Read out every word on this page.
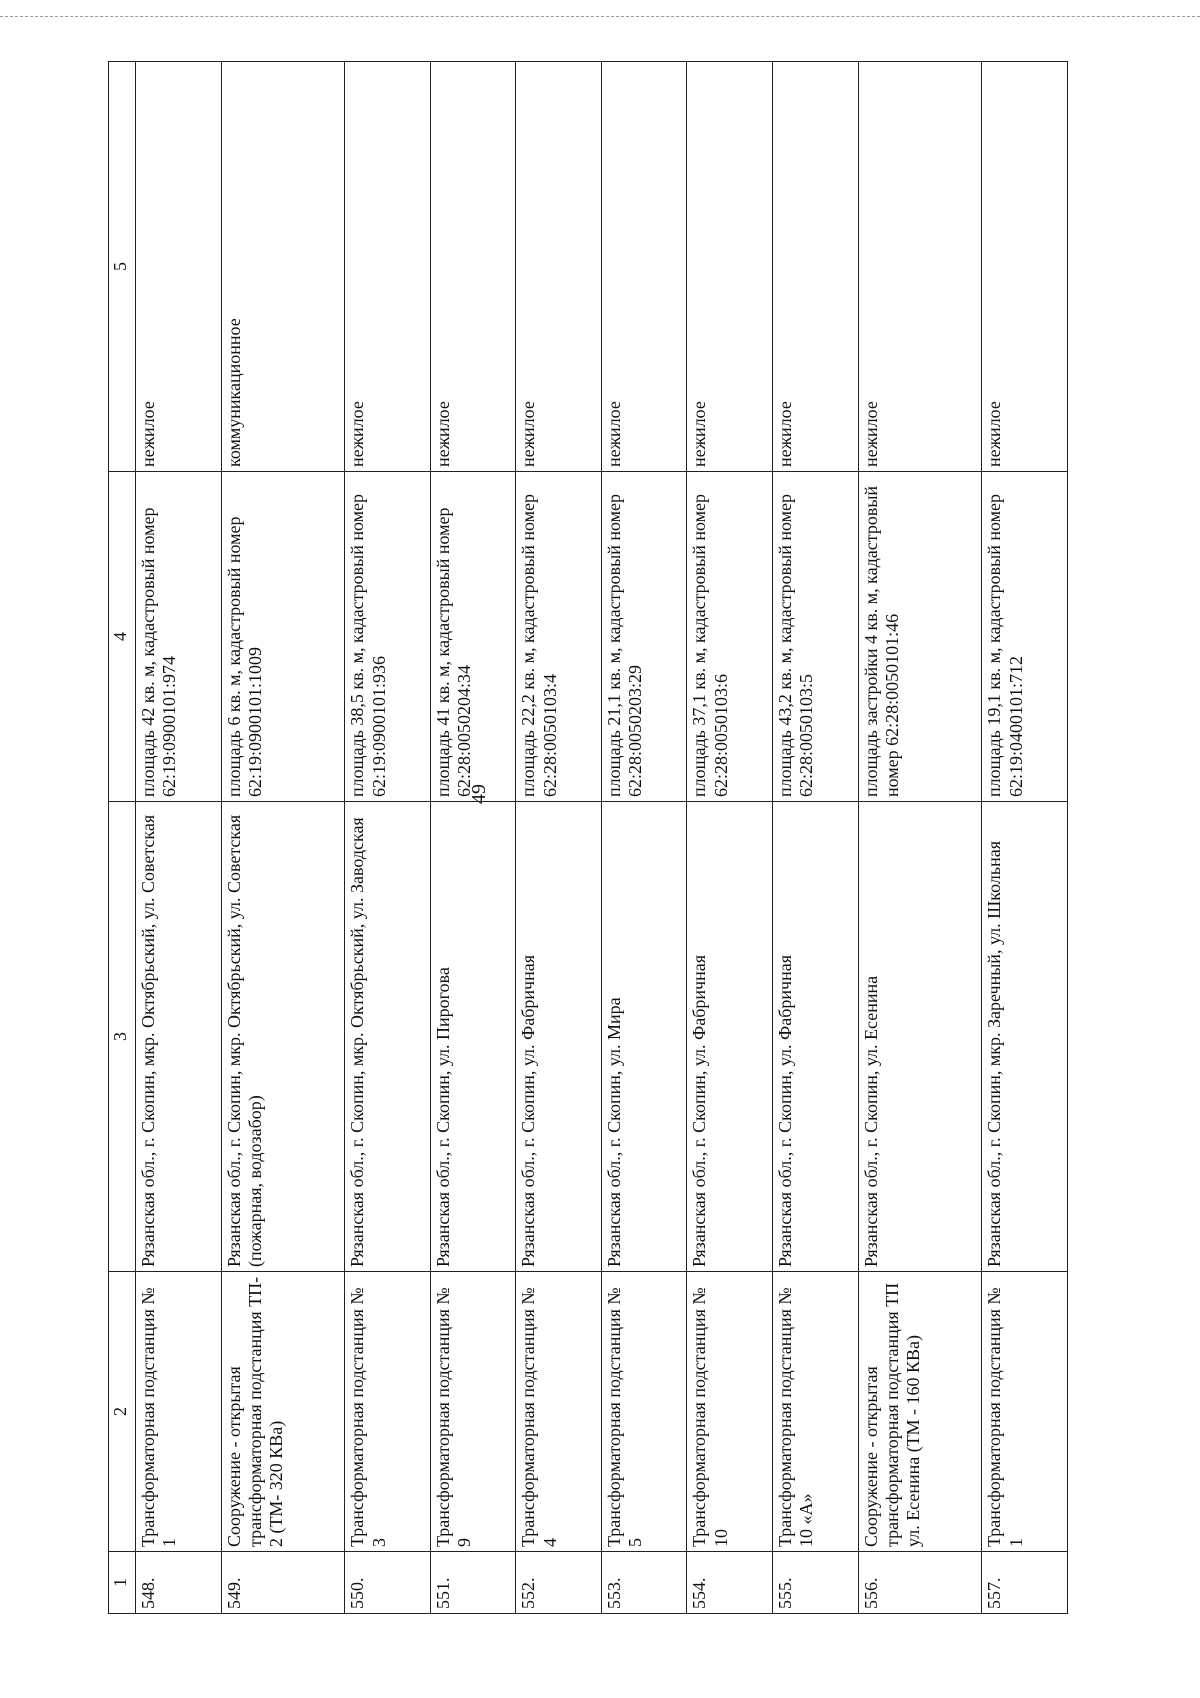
49
1	2	3	4	5
548.	Трансформаторная подстанция № 1	Рязанская обл., г. Скопин, мкр. Октябрьский, ул. Советская	площадь 42 кв. м, кадастровый номер 62:19:0900101:974	нежилое
549.	Сооружение - открытая трансформаторная подстанция ТП- 2 (ТМ- 320 КВа)	Рязанская обл., г. Скопин, мкр. Октябрьский, ул. Советская (пожарная, водозабор)	площадь 6 кв. м, кадастровый номер 62:19:0900101:1009	коммуникационное
550.	Трансформаторная подстанция № 3	Рязанская обл., г. Скопин, мкр. Октябрьский, ул. Заводская	площадь 38,5 кв. м, кадастровый номер 62:19:0900101:936	нежилое
551.	Трансформаторная подстанция № 9	Рязанская обл., г. Скопин, ул. Пирогова	площадь 41 кв. м, кадастровый номер 62:28:0050204:34	нежилое
552.	Трансформаторная подстанция № 4	Рязанская обл., г. Скопин, ул. Фабричная	площадь 22,2 кв. м, кадастровый номер 62:28:0050103:4	нежилое
553.	Трансформаторная подстанция № 5	Рязанская обл., г. Скопин, ул. Мира	площадь 21,1 кв. м, кадастровый номер 62:28:0050203:29	нежилое
554.	Трансформаторная подстанция № 10	Рязанская обл., г. Скопин, ул. Фабричная	площадь 37,1 кв. м, кадастровый номер 62:28:0050103:6	нежилое
555.	Трансформаторная подстанция № 10 «А»	Рязанская обл., г. Скопин, ул. Фабричная	площадь 43,2 кв. м, кадастровый номер 62:28:0050103:5	нежилое
556.	Сооружение - открытая трансформаторная подстанция ТП ул. Есенина (ТМ - 160 КВа)	Рязанская обл., г. Скопин, ул. Есенина	площадь застройки 4 кв. м, кадастровый номер 62:28:0050101:46	нежилое
557.	Трансформаторная подстанция № 1	Рязанская обл., г. Скопин, мкр. Заречный, ул. Школьная	площадь 19,1 кв. м, кадастровый номер 62:19:0400101:712	нежилое
